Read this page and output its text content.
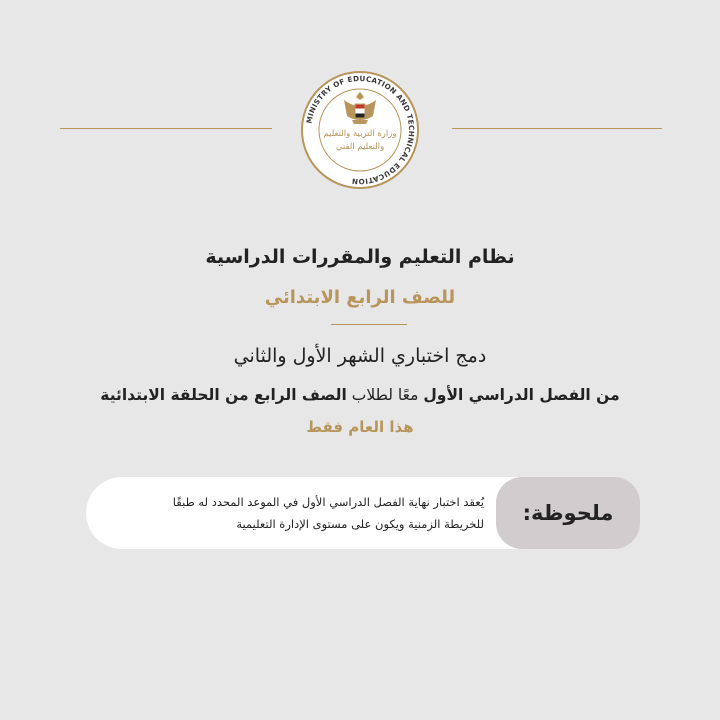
MINISTRY OF EDUCATION AND TECHNICAL EDUCATION
وزارة التربية والتعليم
والتعليم الفني
نظام التعليم والمقررات الدراسية
للصف الرابع الابتدائي
دمج اختباري الشهر الأول والثاني
من الفصل الدراسي الأول معًا لطلاب الصف الرابع من الحلقة الابتدائية
هذا العام فقط
ملحوظة:
يُعقد اختبار نهاية الفصل الدراسي الأول في الموعد المحدد له طبقًا
للخريطة الزمنية ويكون على مستوى الإدارة التعليمية
